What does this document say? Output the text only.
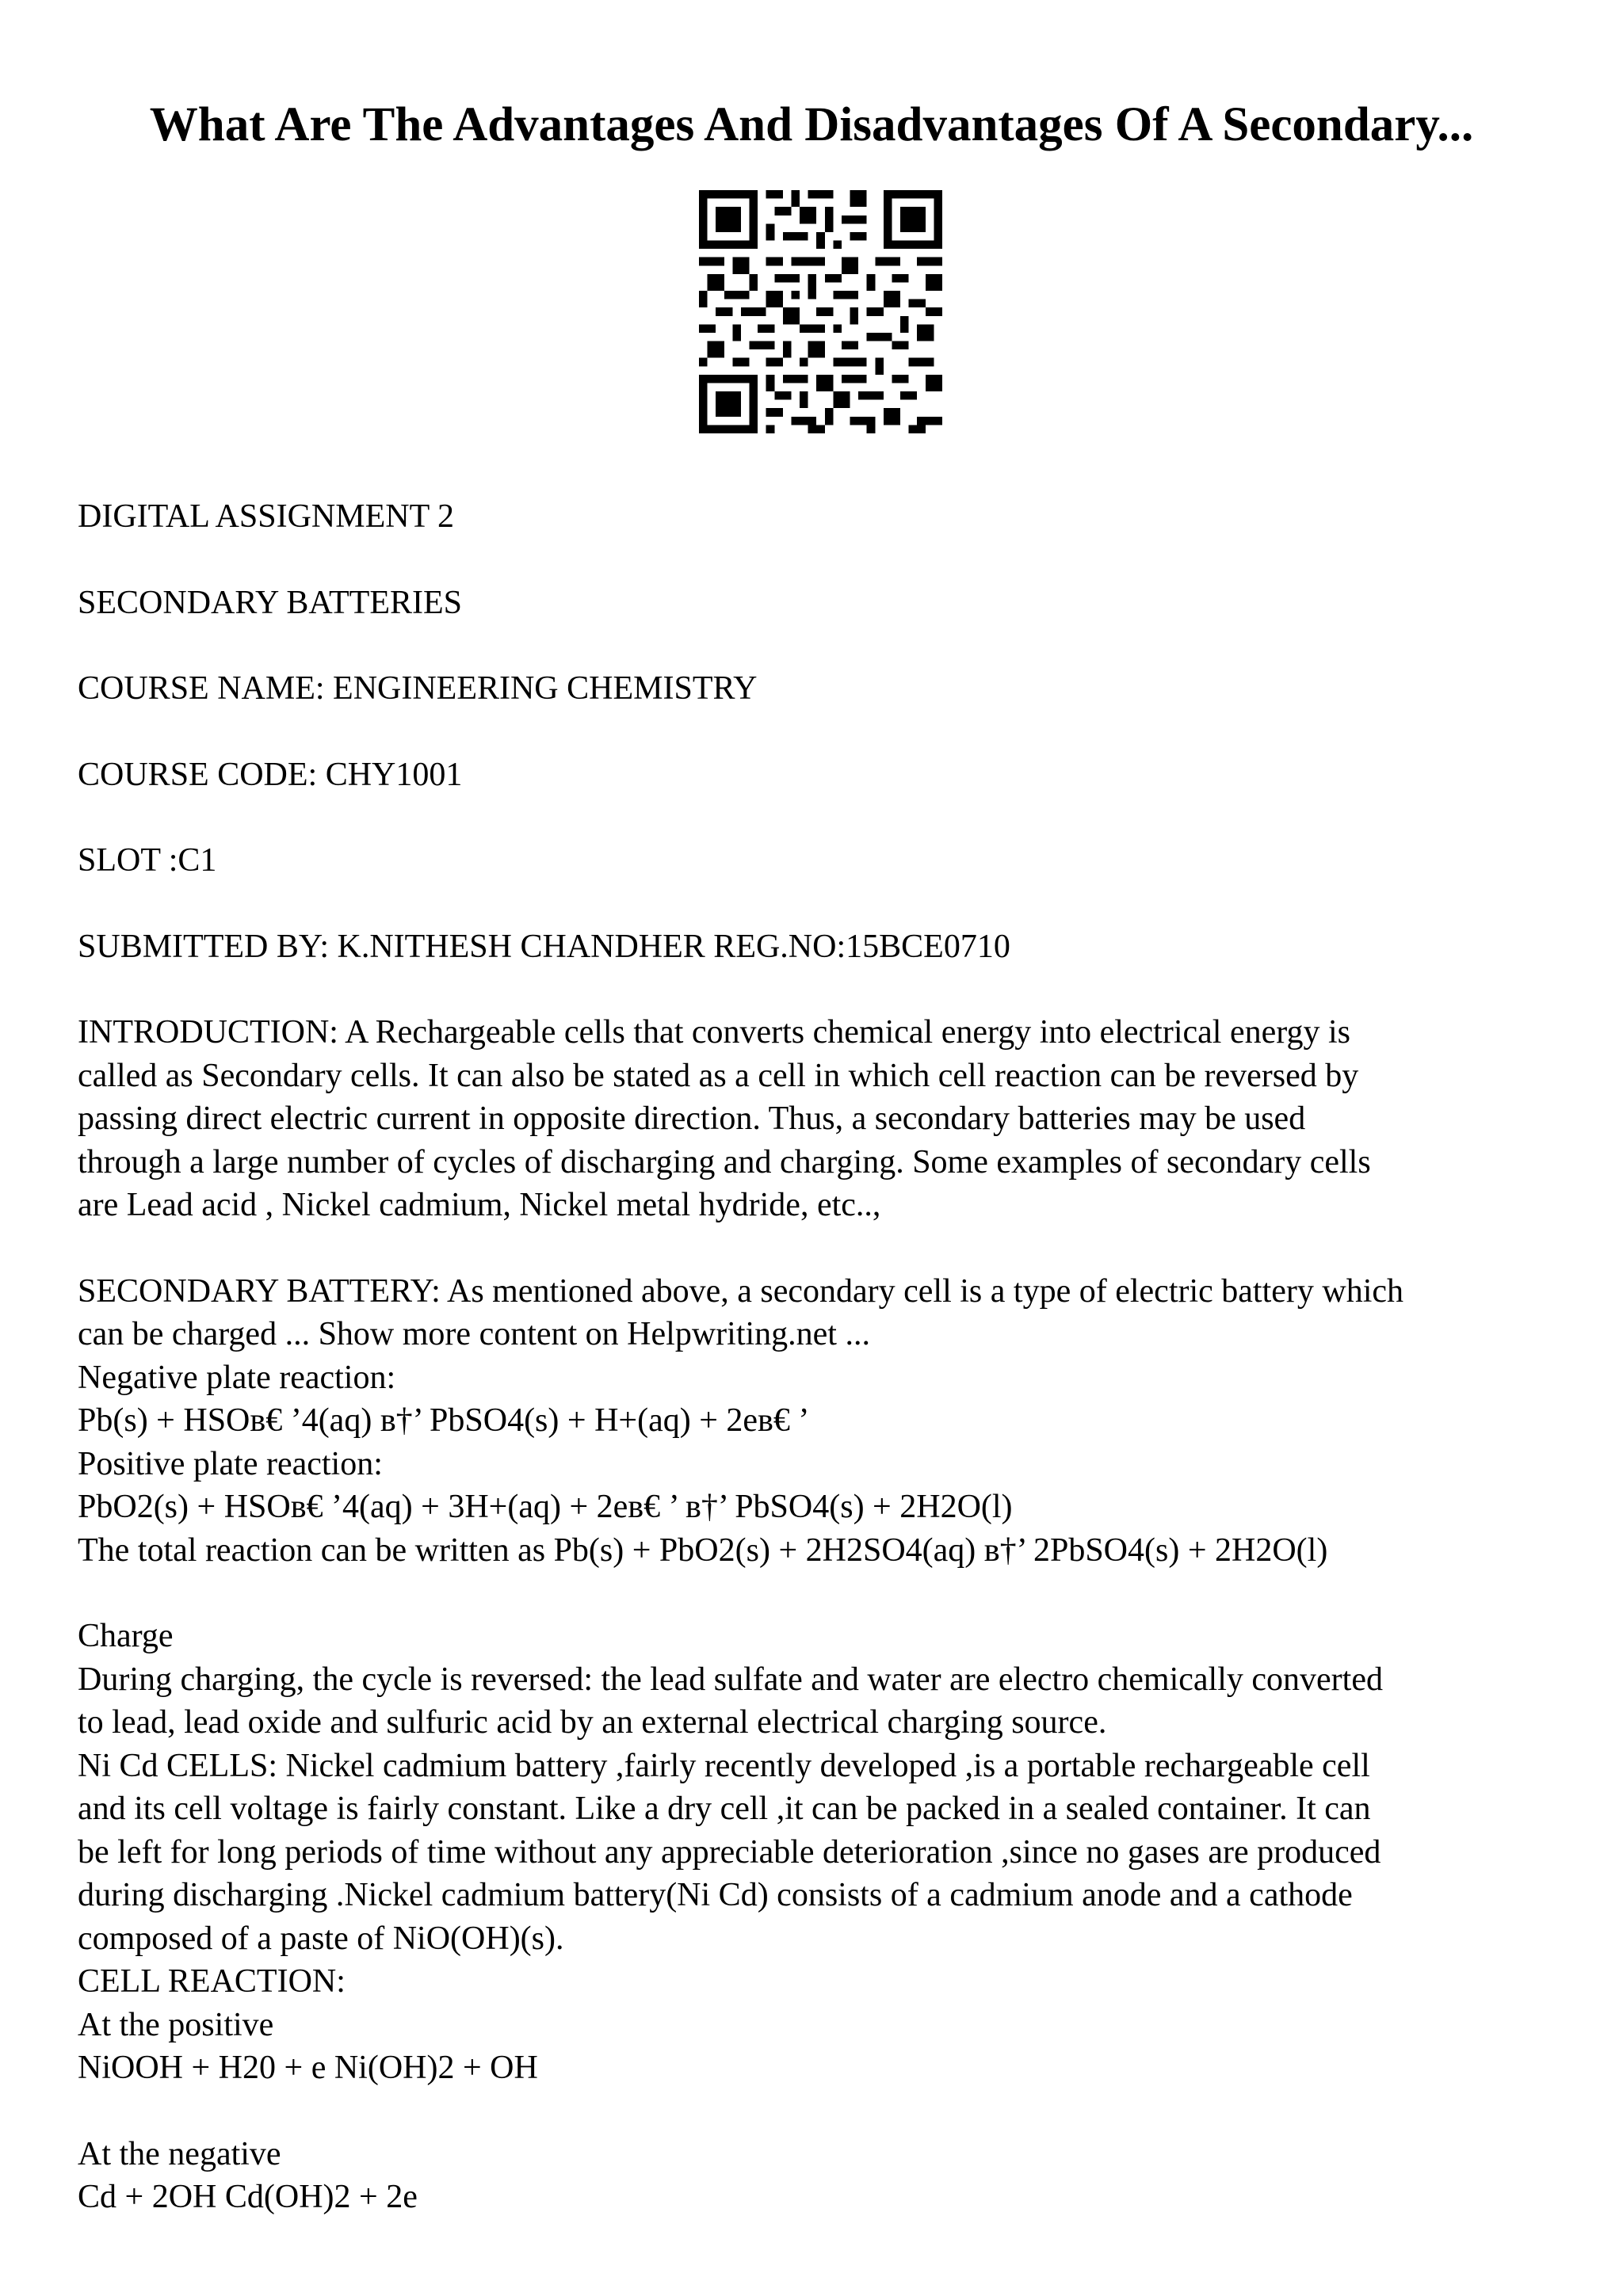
What Are The Advantages And Disadvantages Of A Secondary...

DIGITAL ASSIGNMENT 2

SECONDARY BATTERIES

COURSE NAME: ENGINEERING CHEMISTRY

COURSE CODE: CHY1001

SLOT :C1

SUBMITTED BY: K.NITHESH CHANDHER REG.NO:15BCE0710

INTRODUCTION: A Rechargeable cells that converts chemical energy into electrical energy is

called as Secondary cells. It can also be stated as a cell in which cell reaction can be reversed by

passing direct electric current in opposite direction. Thus, a secondary batteries may be used

through a large number of cycles of discharging and charging. Some examples of secondary cells

are Lead acid , Nickel cadmium, Nickel metal hydride, etc..,

SECONDARY BATTERY: As mentioned above, a secondary cell is a type of electric battery which

can be charged ... Show more content on Helpwriting.net ...

Negative plate reaction:

Pb(s) + HSOв€ ’4(aq) в†’ PbSO4(s) + H+(aq) + 2eв€ ’

Positive plate reaction:

PbO2(s) + HSOв€ ’4(aq) + 3H+(aq) + 2eв€ ’ в†’ PbSO4(s) + 2H2O(l)

The total reaction can be written as Pb(s) + PbO2(s) + 2H2SO4(aq) в†’ 2PbSO4(s) + 2H2O(l)

Charge

During charging, the cycle is reversed: the lead sulfate and water are electro chemically converted

to lead, lead oxide and sulfuric acid by an external electrical charging source.

Ni Cd CELLS: Nickel cadmium battery ,fairly recently developed ,is a portable rechargeable cell

and its cell voltage is fairly constant. Like a dry cell ,it can be packed in a sealed container. It can

be left for long periods of time without any appreciable deterioration ,since no gases are produced

during discharging .Nickel cadmium battery(Ni Cd) consists of a cadmium anode and a cathode

composed of a paste of NiO(OH)(s).

CELL REACTION:

At the positive

NiOOH + H20 + e Ni(OH)2 + OH

At the negative

Cd + 2OH Cd(OH)2 + 2e
